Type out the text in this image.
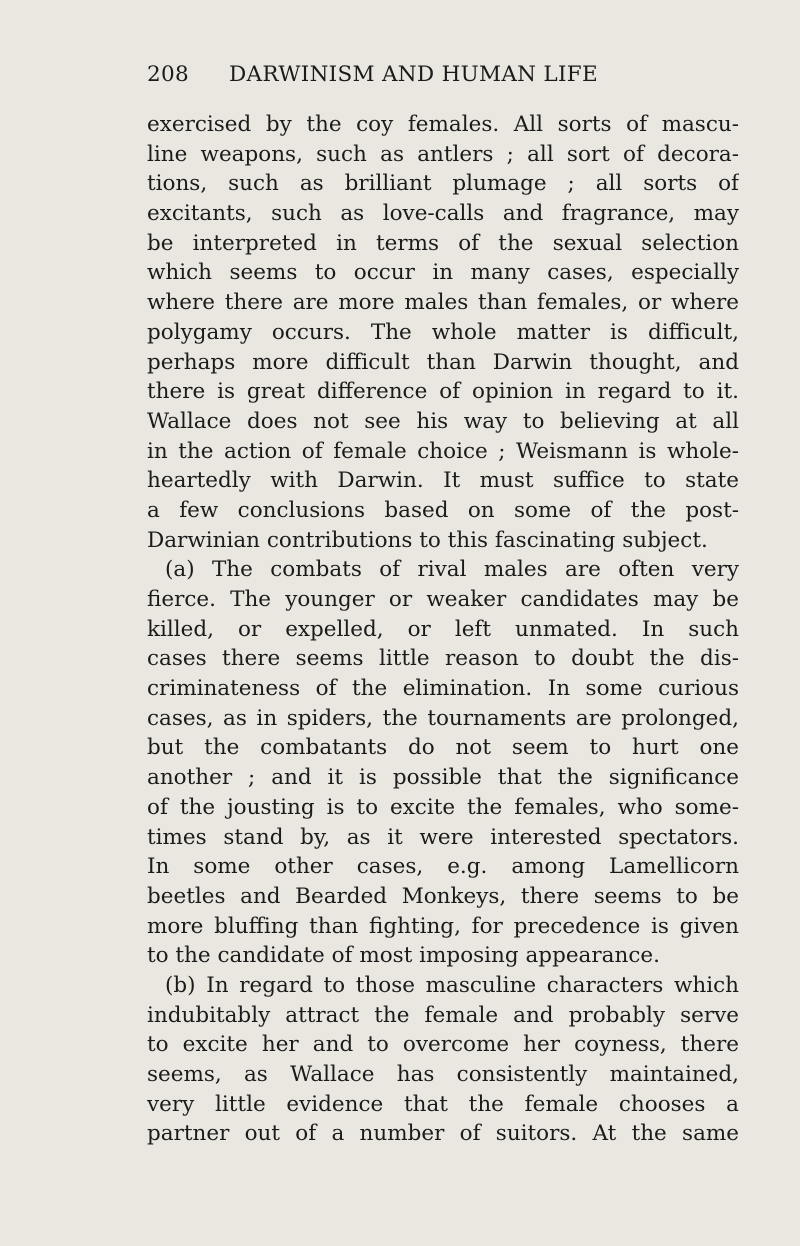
208 DARWINISM AND HUMAN LIFE
exercised by the coy females. All sorts of mascu-
line weapons, such as antlers ; all sort of decora-
tions, such as brilliant plumage ; all sorts of
excitants, such as love-calls and fragrance, may
be interpreted in terms of the sexual selection
which seems to occur in many cases, especially
where there are more males than females, or where
polygamy occurs. The whole matter is difficult,
perhaps more difficult than Darwin thought, and
there is great difference of opinion in regard to it.
Wallace does not see his way to believing at all
in the action of female choice ; Weismann is whole-
heartedly with Darwin. It must suffice to state
a few conclusions based on some of the post-
Darwinian contributions to this fascinating subject.
(a) The combats of rival males are often very
fierce. The younger or weaker candidates may be
killed, or expelled, or left unmated. In such
cases there seems little reason to doubt the dis-
criminateness of the elimination. In some curious
cases, as in spiders, the tournaments are prolonged,
but the combatants do not seem to hurt one
another ; and it is possible that the significance
of the jousting is to excite the females, who some-
times stand by, as it were interested spectators.
In some other cases, e.g. among Lamellicorn
beetles and Bearded Monkeys, there seems to be
more bluffing than fighting, for precedence is given
to the candidate of most imposing appearance.
(b) In regard to those masculine characters which
indubitably attract the female and probably serve
to excite her and to overcome her coyness, there
seems, as Wallace has consistently maintained,
very little evidence that the female chooses a
partner out of a number of suitors. At the same
